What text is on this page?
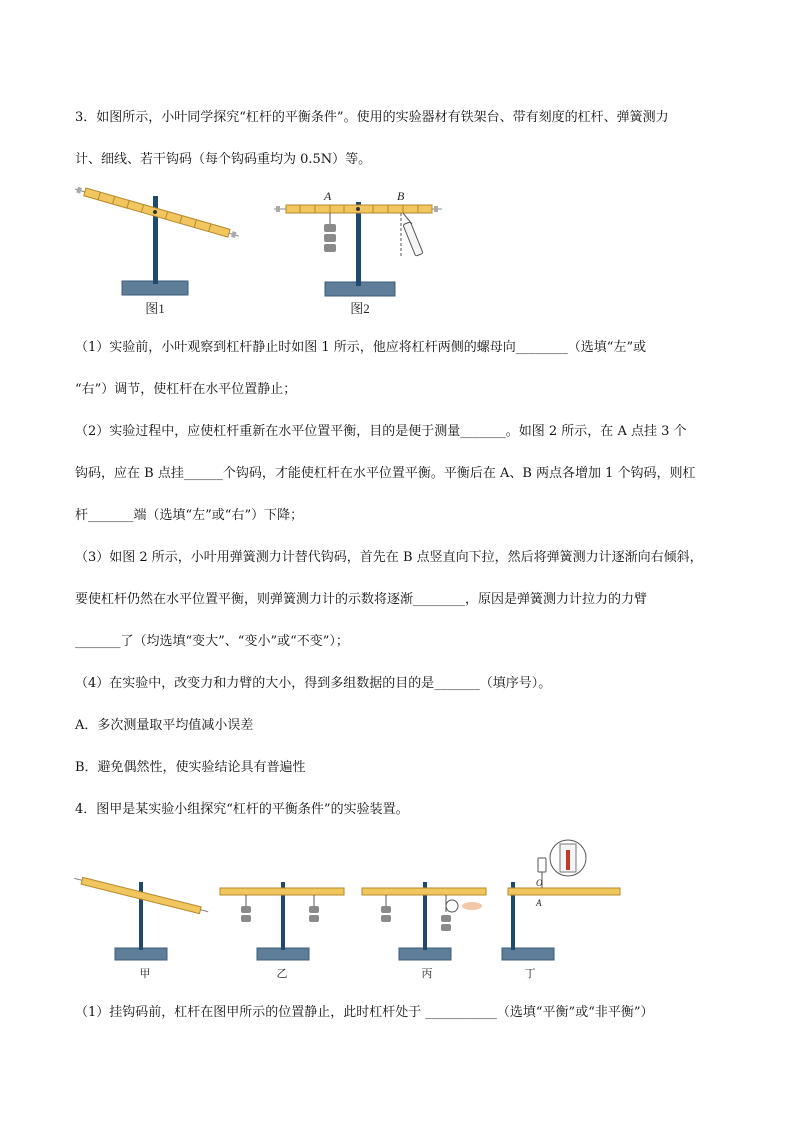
3．如图所示，小叶同学探究“杠杆的平衡条件”。使用的实验器材有铁架台、带有刻度的杠杆、弹簧测力
计、细线、若干钩码（每个钩码重均为 0.5N）等。
图1
A	B
图2
（1）实验前，小叶观察到杠杆静止时如图 1 所示，他应将杠杆两侧的螺母向________（选填“左”或
“右”）调节，使杠杆在水平位置静止；
（2）实验过程中，应使杠杆重新在水平位置平衡，目的是便于测量_______。如图 2 所示，在 A 点挂 3 个
钩码，应在 B 点挂______个钩码，才能使杠杆在水平位置平衡。平衡后在 A、B 两点各增加 1 个钩码，则杠
杆_______端（选填“左”或“右”）下降；
（3）如图 2 所示，小叶用弹簧测力计替代钩码，首先在 B 点竖直向下拉，然后将弹簧测力计逐渐向右倾斜，
要使杠杆仍然在水平位置平衡，则弹簧测力计的示数将逐渐________，原因是弹簧测力计拉力的力臂
_______了（均选填“变大”、“变小”或“不变”）；
（4）在实验中，改变力和力臂的大小，得到多组数据的目的是_______（填序号）。
A．多次测量取平均值减小误差
B．避免偶然性，使实验结论具有普遍性
4．图甲是某实验小组探究“杠杆的平衡条件”的实验装置。
甲	乙	丙
O
A
丁
（1）挂钩码前，杠杆在图甲所示的位置静止，此时杠杆处于 ___________（选填“平衡”或“非平衡”）
